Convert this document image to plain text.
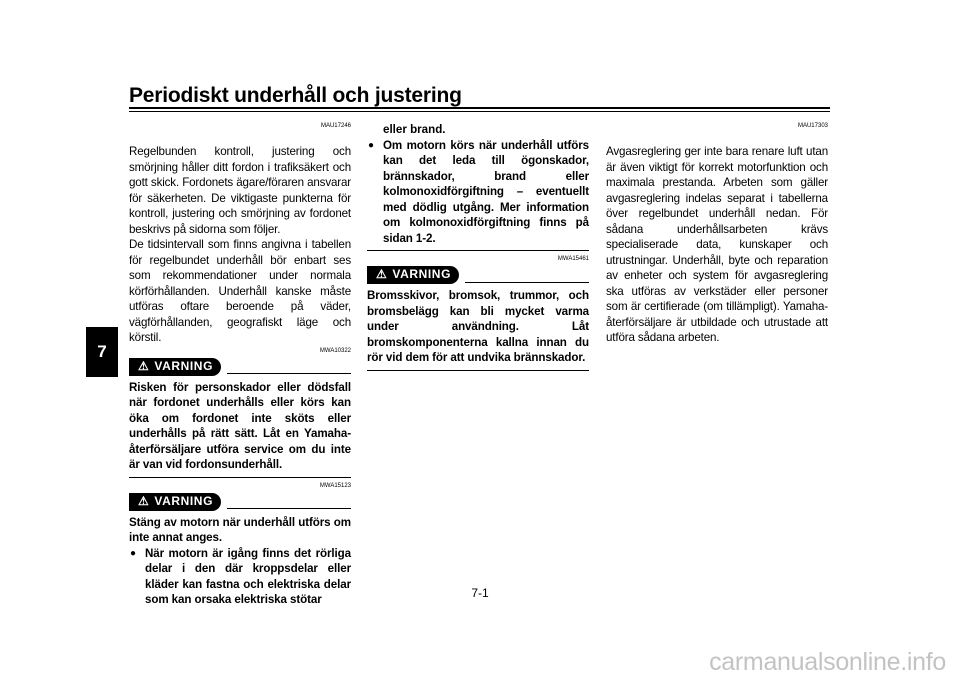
Periodiskt underhåll och justering
7
MAU17246

Regelbunden kontroll, justering och smörjning håller ditt fordon i trafiksäkert och gott skick. Fordonets ägare/föraren ansvarar för säkerheten. De viktigaste punkterna för kontroll, justering och smörjning av fordonet beskrivs på sidorna som följer.

De tidsintervall som finns angivna i tabellen för regelbundet underhåll bör enbart ses som rekommendationer under normala körförhållanden. Underhåll kanske måste utföras oftare beroende på väder, vägförhållanden, geografiskt läge och körstil.

MWA10322
⚠ VARNING

Risken för personskador eller dödsfall när fordonet underhålls eller körs kan öka om fordonet inte sköts eller underhålls på rätt sätt. Låt en Yamaha-återförsäljare utföra service om du inte är van vid fordonsunderhåll.

MWA15123
⚠ VARNING

Stäng av motorn när underhåll utförs om inte annat anges.

● När motorn är igång finns det rörliga delar i den där kroppsdelar eller kläder kan fastna och elektriska delar som kan orsaka elektriska stötar

eller brand.

● Om motorn körs när underhåll utförs kan det leda till ögonskador, brännskador, brand eller kolmonoxidförgiftning – eventuellt med dödlig utgång. Mer information om kolmonoxidförgiftning finns på sidan 1-2.
MWA15461
⚠ VARNING

Bromsskivor, bromsok, trummor, och bromsbelägg kan bli mycket varma under användning. Låt bromskomponenterna kallna innan du rör vid dem för att undvika brännskador.

MAU17303

Avgasreglering ger inte bara renare luft utan är även viktigt för korrekt motorfunktion och maximala prestanda. Arbeten som gäller avgasreglering indelas separat i tabellerna över regelbundet underhåll nedan. För sådana underhållsarbeten krävs specialiserade data, kunskaper och utrustningar. Underhåll, byte och reparation av enheter och system för avgasreglering ska utföras av verkstäder eller personer som är certifierade (om tillämpligt). Yamaha-återförsäljare är utbildade och utrustade att utföra sådana arbeten.

7-1
carmanualsonline.info
